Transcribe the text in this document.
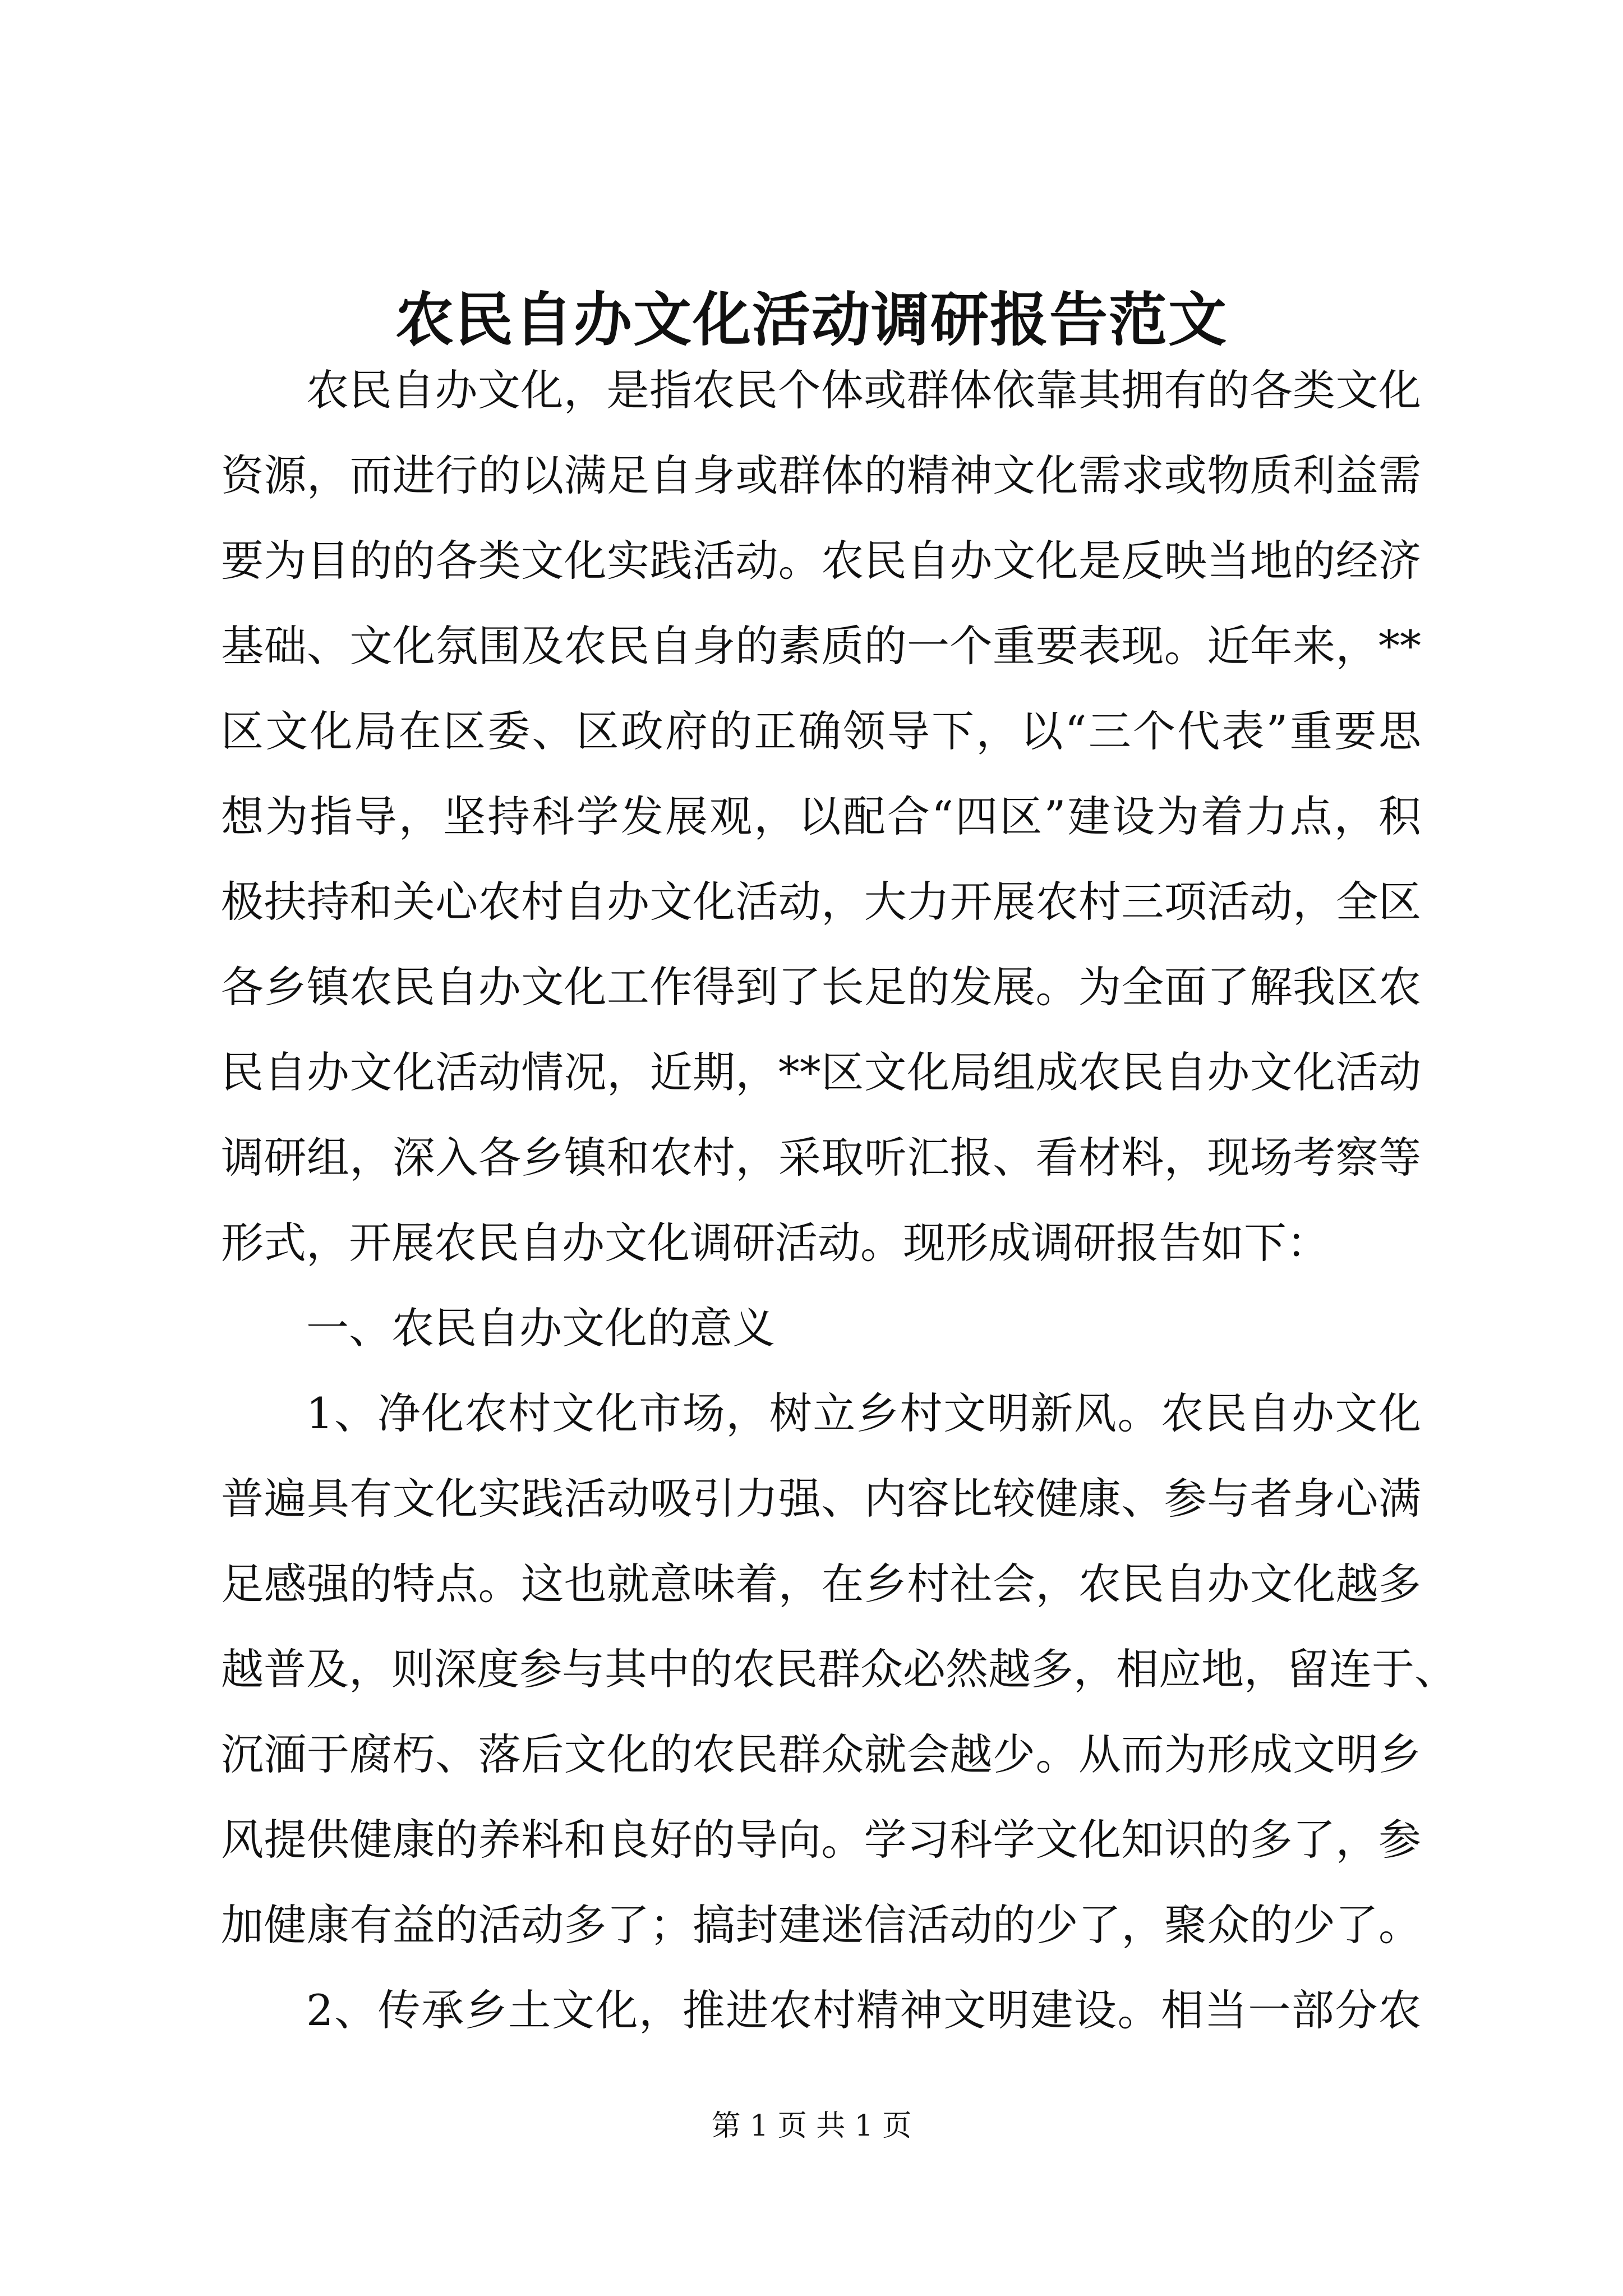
农民自办文化活动调研报告范文
农民自办文化，是指农民个体或群体依靠其拥有的各类文化
资源，而进行的以满足自身或群体的精神文化需求或物质利益需
要为目的的各类文化实践活动。农民自办文化是反映当地的经济
基础、文化氛围及农民自身的素质的一个重要表现。近年来，**
区文化局在区委、区政府的正确领导下，以“三个代表”重要思
想为指导，坚持科学发展观，以配合“四区”建设为着力点，积
极扶持和关心农村自办文化活动，大力开展农村三项活动，全区
各乡镇农民自办文化工作得到了长足的发展。为全面了解我区农
民自办文化活动情况，近期，**区文化局组成农民自办文化活动
调研组，深入各乡镇和农村，采取听汇报、看材料，现场考察等
形式，开展农民自办文化调研活动。现形成调研报告如下：
一、农民自办文化的意义
1、净化农村文化市场，树立乡村文明新风。农民自办文化
普遍具有文化实践活动吸引力强、内容比较健康、参与者身心满
足感强的特点。这也就意味着，在乡村社会，农民自办文化越多
越普及，则深度参与其中的农民群众必然越多，相应地，留连于、
沉湎于腐朽、落后文化的农民群众就会越少。从而为形成文明乡
风提供健康的养料和良好的导向。学习科学文化知识的多了，参
加健康有益的活动多了；搞封建迷信活动的少了，聚众的少了。
2、传承乡土文化，推进农村精神文明建设。相当一部分农
第 1 页 共 1 页
